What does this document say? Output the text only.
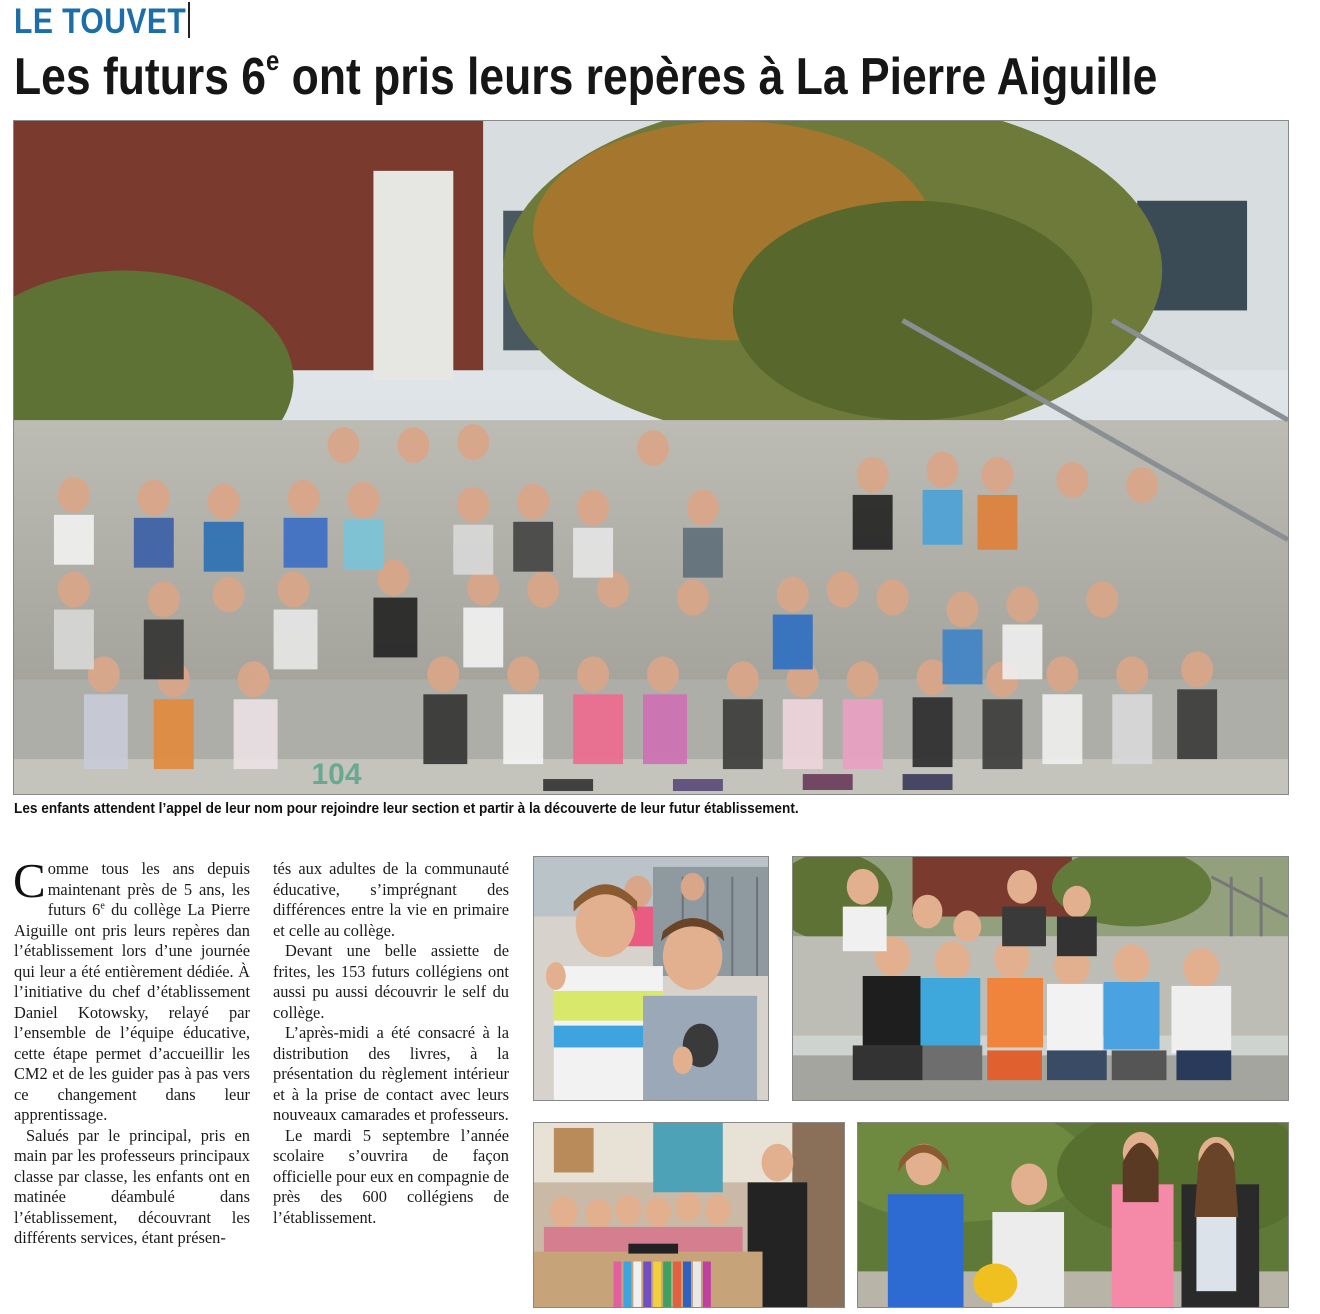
LE TOUVET
Les futurs 6e ont pris leurs repères à La Pierre Aiguille
104

Les enfants attendent l’appel de leur nom pour rejoindre leur section et partir à la découverte de leur futur établissement.

Comme tous les ans depuis maintenant près de 5 ans, les futurs 6e du collège La Pierre Aiguille ont pris leurs repères dan l’établissement lors d’une journée qui leur a été entièrement dédiée. À l’initiative du chef d’établissement Daniel Kotowsky, relayé par l’ensemble de l’équipe éducative, cette étape permet d’accueillir les CM2 et de les guider pas à pas vers ce changement dans leur apprentissage.

Salués par le principal, pris en main par les professeurs principaux classe par classe, les enfants ont en matinée déambulé dans l’établissement, découvrant les différents services, étant présen-

tés aux adultes de la communauté éducative, s’imprégnant des différences entre la vie en primaire et celle au collège.

Devant une belle assiette de frites, les 153 futurs collégiens ont aussi pu aussi découvrir le self du collège.

L’après-midi a été consacré à la distribution des livres, à la présentation du règlement intérieur et à la prise de contact avec leurs nouveaux camarades et professeurs.

Le mardi 5 septembre l’année scolaire s’ouvrira de façon officielle pour eux en compagnie de près des 600 collégiens de l’établissement.
